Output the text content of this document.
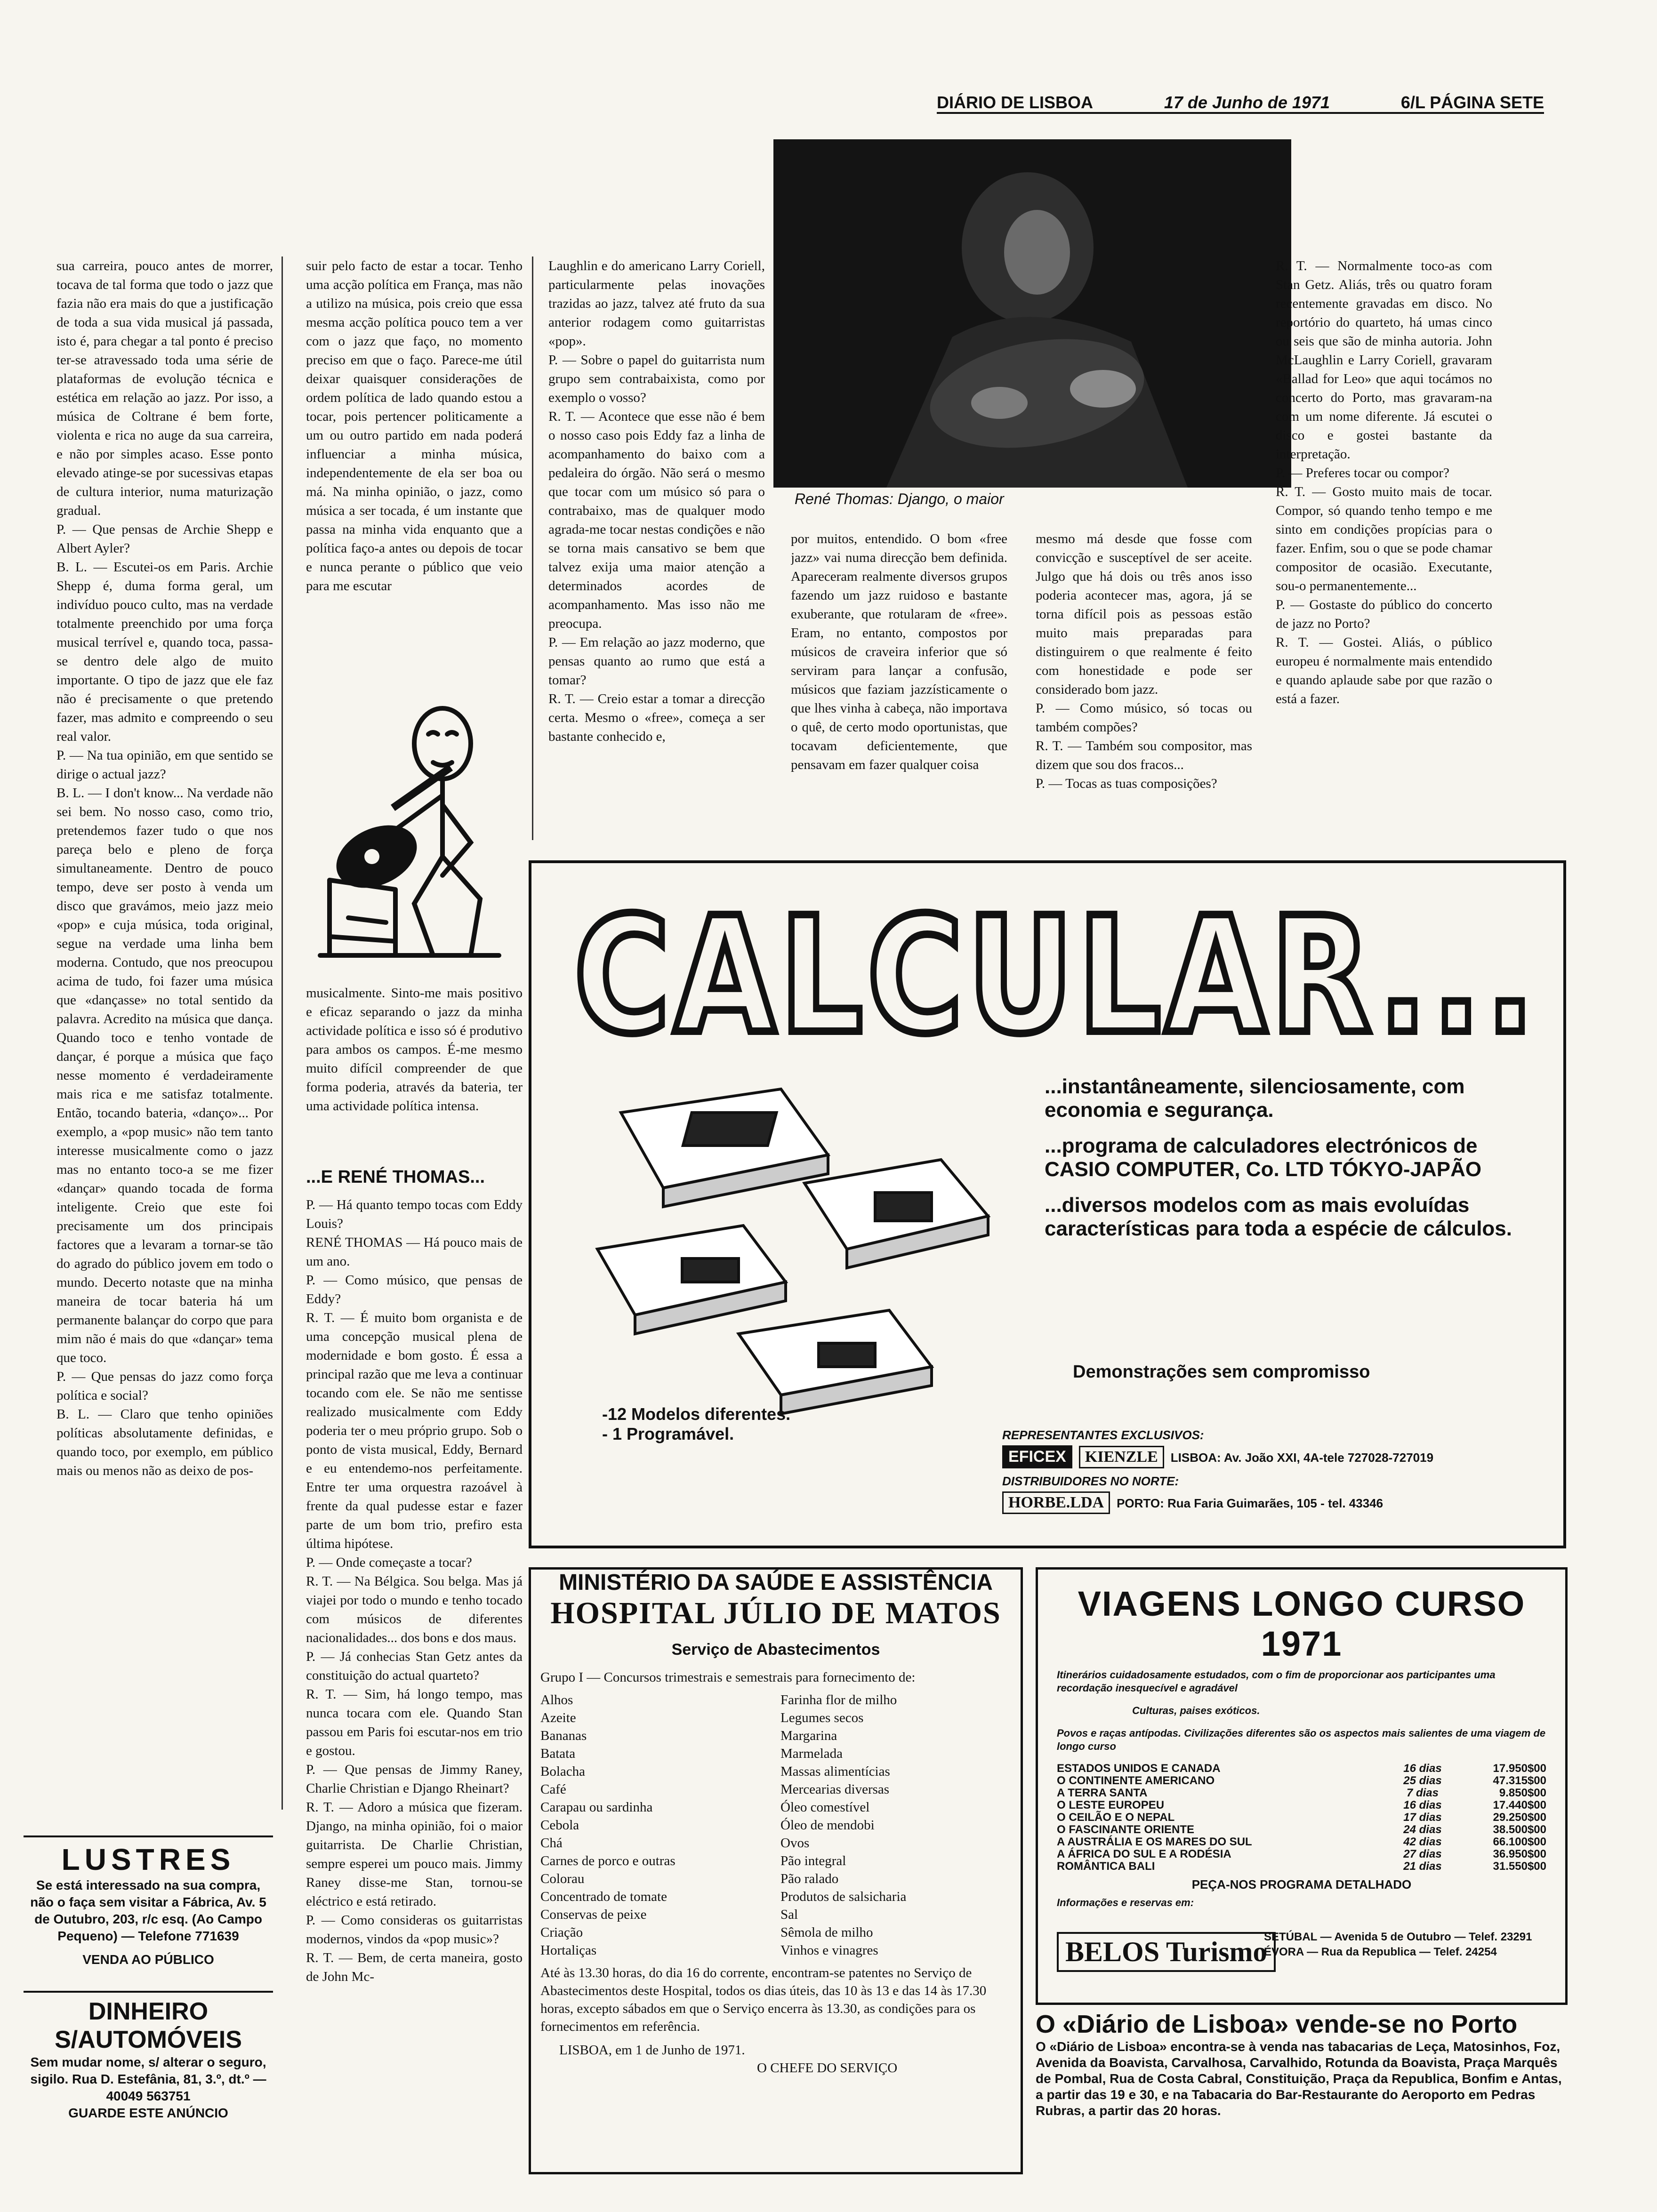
DIÁRIO DE LISBOA	17 de Junho de 1971	6/L PÁGINA SETE
sua carreira, pouco antes de morrer, tocava de tal forma que todo o jazz que fazia não era mais do que a justificação de toda a sua vida musical já passada, isto é, para chegar a tal ponto é preciso ter-se atravessado toda uma série de plataformas de evolução técnica e estética em relação ao jazz. Por isso, a música de Coltrane é bem forte, violenta e rica no auge da sua carreira, e não por simples acaso. Esse ponto elevado atinge-se por sucessivas etapas de cultura interior, numa maturização gradual.
P. — Que pensas de Archie Shepp e Albert Ayler?
B. L. — Escutei-os em Paris. Archie Shepp é, duma forma geral, um indivíduo pouco culto, mas na verdade totalmente preenchido por uma força musical terrível e, quando toca, passa-se dentro dele algo de muito importante. O tipo de jazz que ele faz não é precisamente o que pretendo fazer, mas admito e compreendo o seu real valor.
P. — Na tua opinião, em que sentido se dirige o actual jazz?
B. L. — I don't know... Na verdade não sei bem. No nosso caso, como trio, pretendemos fazer tudo o que nos pareça belo e pleno de força simultaneamente. Dentro de pouco tempo, deve ser posto à venda um disco que gravámos, meio jazz meio «pop» e cuja música, toda original, segue na verdade uma linha bem moderna. Contudo, que nos preocupou acima de tudo, foi fazer uma música que «dançasse» no total sentido da palavra. Acredito na música que dança. Quando toco e tenho vontade de dançar, é porque a música que faço nesse momento é verdadeiramente mais rica e me satisfaz totalmente. Então, tocando bateria, «danço»... Por exemplo, a «pop music» não tem tanto interesse musicalmente como o jazz mas no entanto toco-a se me fizer «dançar» quando tocada de forma inteligente. Creio que este foi precisamente um dos principais factores que a levaram a tornar-se tão do agrado do público jovem em todo o mundo. Decerto notaste que na minha maneira de tocar bateria há um permanente balançar do corpo que para mim não é mais do que «dançar» tema que toco.
P. — Que pensas do jazz como força política e social?
B. L. — Claro que tenho opiniões políticas absolutamente definidas, e quando toco, por exemplo, em público mais ou menos não as deixo de pos-
suir pelo facto de estar a tocar. Tenho uma acção política em França, mas não a utilizo na música, pois creio que essa mesma acção política pouco tem a ver com o jazz que faço, no momento preciso em que o faço. Parece-me útil deixar quaisquer considerações de ordem política de lado quando estou a tocar, pois pertencer politicamente a um ou outro partido em nada poderá influenciar a minha música, independentemente de ela ser boa ou má. Na minha opinião, o jazz, como música a ser tocada, é um instante que passa na minha vida enquanto que a política faço-a antes ou depois de tocar e nunca perante o público que veio para me escutar
musicalmente. Sinto-me mais positivo e eficaz separando o jazz da minha actividade política e isso só é produtivo para ambos os campos. É-me mesmo muito difícil compreender de que forma poderia, através da bateria, ter uma actividade política intensa.
...E RENÉ THOMAS...
P. — Há quanto tempo tocas com Eddy Louis?
RENÉ THOMAS — Há pouco mais de um ano.
P. — Como músico, que pensas de Eddy?
R. T. — É muito bom organista e de uma concepção musical plena de modernidade e bom gosto. É essa a principal razão que me leva a continuar tocando com ele. Se não me sentisse realizado musicalmente com Eddy poderia ter o meu próprio grupo. Sob o ponto de vista musical, Eddy, Bernard e eu entendemo-nos perfeitamente. Entre ter uma orquestra razoável à frente da qual pudesse estar e fazer parte de um bom trio, prefiro esta última hipótese.
P. — Onde começaste a tocar?
R. T. — Na Bélgica. Sou belga. Mas já viajei por todo o mundo e tenho tocado com músicos de diferentes nacionalidades... dos bons e dos maus.
P. — Já conhecias Stan Getz antes da constituição do actual quarteto?
R. T. — Sim, há longo tempo, mas nunca tocara com ele. Quando Stan passou em Paris foi escutar-nos em trio e gostou.
P. — Que pensas de Jimmy Raney, Charlie Christian e Django Rheinart?
R. T. — Adoro a música que fizeram. Django, na minha opinião, foi o maior guitarrista. De Charlie Christian, sempre esperei um pouco mais. Jimmy Raney disse-me Stan, tornou-se eléctrico e está retirado.
P. — Como consideras os guitarristas modernos, vindos da «pop music»?
R. T. — Bem, de certa maneira, gosto de John Mc-
Laughlin e do americano Larry Coriell, particularmente pelas inovações trazidas ao jazz, talvez até fruto da sua anterior rodagem como guitarristas «pop».
P. — Sobre o papel do guitarrista num grupo sem contrabaixista, como por exemplo o vosso?
R. T. — Acontece que esse não é bem o nosso caso pois Eddy faz a linha de acompanhamento do baixo com a pedaleira do órgão. Não será o mesmo que tocar com um músico só para o contrabaixo, mas de qualquer modo agrada-me tocar nestas condições e não se torna mais cansativo se bem que talvez exija uma maior atenção a determinados acordes de acompanhamento. Mas isso não me preocupa.
P. — Em relação ao jazz moderno, que pensas quanto ao rumo que está a tomar?
R. T. — Creio estar a tomar a direcção certa. Mesmo o «free», começa a ser bastante conhecido e,
René Thomas: Django, o maior
por muitos, entendido. O bom «free jazz» vai numa direcção bem definida. Apareceram realmente diversos grupos fazendo um jazz ruidoso e bastante exuberante, que rotularam de «free». Eram, no entanto, compostos por músicos de craveira inferior que só serviram para lançar a confusão, músicos que faziam jazzísticamente o que lhes vinha à cabeça, não importava o quê, de certo modo oportunistas, que tocavam deficientemente, que pensavam em fazer qualquer coisa
mesmo má desde que fosse com convicção e susceptível de ser aceite. Julgo que há dois ou três anos isso poderia acontecer mas, agora, já se torna difícil pois as pessoas estão muito mais preparadas para distinguirem o que realmente é feito com honestidade e pode ser considerado bom jazz.
P. — Como músico, só tocas ou também compões?
R. T. — Também sou compositor, mas dizem que sou dos fracos...
P. — Tocas as tuas composições?
R. T. — Normalmente toco-as com Stan Getz. Aliás, três ou quatro foram recentemente gravadas em disco. No reportório do quarteto, há umas cinco ou seis que são de minha autoria. John McLaughlin e Larry Coriell, gravaram «Ballad for Leo» que aqui tocámos no concerto do Porto, mas gravaram-na com um nome diferente. Já escutei o disco e gostei bastante da interpretação.
P. — Preferes tocar ou compor?
R. T. — Gosto muito mais de tocar. Compor, só quando tenho tempo e me sinto em condições propícias para o fazer. Enfim, sou o que se pode chamar compositor de ocasião. Executante, sou-o permanentemente...
P. — Gostaste do público do concerto de jazz no Porto?
R. T. — Gostei. Aliás, o público europeu é normalmente mais entendido e quando aplaude sabe por que razão o está a fazer.
CALCULAR...

...instantâneamente, silenciosamente, com economia e segurança.

...programa de calculadores electrónicos de CASIO COMPUTER, Co. LTD TÓKYO-JAPÃO

...diversos modelos com as mais evoluídas características para toda a espécie de cálculos.

Demonstrações sem compromisso
-12 Modelos diferentes.
- 1 Programável.	REPRESENTANTES EXCLUSIVOS:
EFICEX KIENZLE LISBOA: Av. João XXI, 4A-tele 727028-727019
DISTRIBUIDORES NO NORTE:
HORBE.LDA PORTO: Rua Faria Guimarães, 105 - tel. 43346
MINISTÉRIO DA SAÚDE E ASSISTÊNCIA
HOSPITAL JÚLIO DE MATOS
Serviço de Abastecimentos
Grupo I — Concursos trimestrais e semestrais para fornecimento de:
Alhos
Azeite
Bananas
Batata
Bolacha
Café
Carapau ou sardinha
Cebola
Chá
Carnes de porco e outras
Colorau
Concentrado de tomate
Conservas de peixe
Criação
Hortaliças
Farinha flor de milho
Legumes secos
Margarina
Marmelada
Massas alimentícias
Mercearias diversas
Óleo comestível
Óleo de mendobi
Ovos
Pão integral
Pão ralado
Produtos de salsicharia
Sal
Sêmola de milho
Vinhos e vinagres
Até às 13.30 horas, do dia 16 do corrente, encontram-se patentes no Serviço de Abastecimentos deste Hospital, todos os dias úteis, das 10 às 13 e das 14 às 17.30 horas, excepto sábados em que o Serviço encerra às 13.30, as condições para os fornecimentos em referência.
LISBOA, em 1 de Junho de 1971.
O CHEFE DO SERVIÇO
VIAGENS LONGO CURSO 1971
Itinerários cuidadosamente estudados, com o fim de proporcionar aos participantes uma recordação inesquecível e agradável
Culturas, paises exóticos.
Povos e raças antípodas. Civilizações diferentes são os aspectos mais salientes de uma viagem de longo curso
ESTADOS UNIDOS E CANADA	16 dias	17.950$00
O CONTINENTE AMERICANO	25 dias	47.315$00
A TERRA SANTA	7 dias	9.850$00
O LESTE EUROPEU	16 dias	17.440$00
O CEILÃO E O NEPAL	17 dias	29.250$00
O FASCINANTE ORIENTE	24 dias	38.500$00
A AUSTRÁLIA E OS MARES DO SUL	42 dias	66.100$00
A ÁFRICA DO SUL E A RODÉSIA	27 dias	36.950$00
ROMÂNTICA BALI	21 dias	31.550$00
PEÇA-NOS PROGRAMA DETALHADO
Informações e reservas em:
BELOS Turismo
SETÚBAL — Avenida 5 de Outubro — Telef. 23291
ÉVORA — Rua da Republica — Telef. 24254
O «Diário de Lisboa» vende-se no Porto
O «Diário de Lisboa» encontra-se à venda nas tabacarias de Leça, Matosinhos, Foz, Avenida da Boavista, Carvalhosa, Carvalhido, Rotunda da Boavista, Praça Marquês de Pombal, Rua de Costa Cabral, Constituição, Praça da Republica, Bonfim e Antas, a partir das 19 e 30, e na Tabacaria do Bar-Restaurante do Aeroporto em Pedras Rubras, a partir das 20 horas.
LUSTRES
Se está interessado na sua compra, não o faça sem visitar a Fábrica, Av. 5 de Outubro, 203, r/c esq. (Ao Campo Pequeno) — Telefone 771639
VENDA AO PÚBLICO
DINHEIRO S/AUTOMÓVEIS
Sem mudar nome, s/ alterar o seguro, sigilo. Rua D. Estefânia, 81, 3.º, dt.º — 40049 563751
GUARDE ESTE ANÚNCIO
